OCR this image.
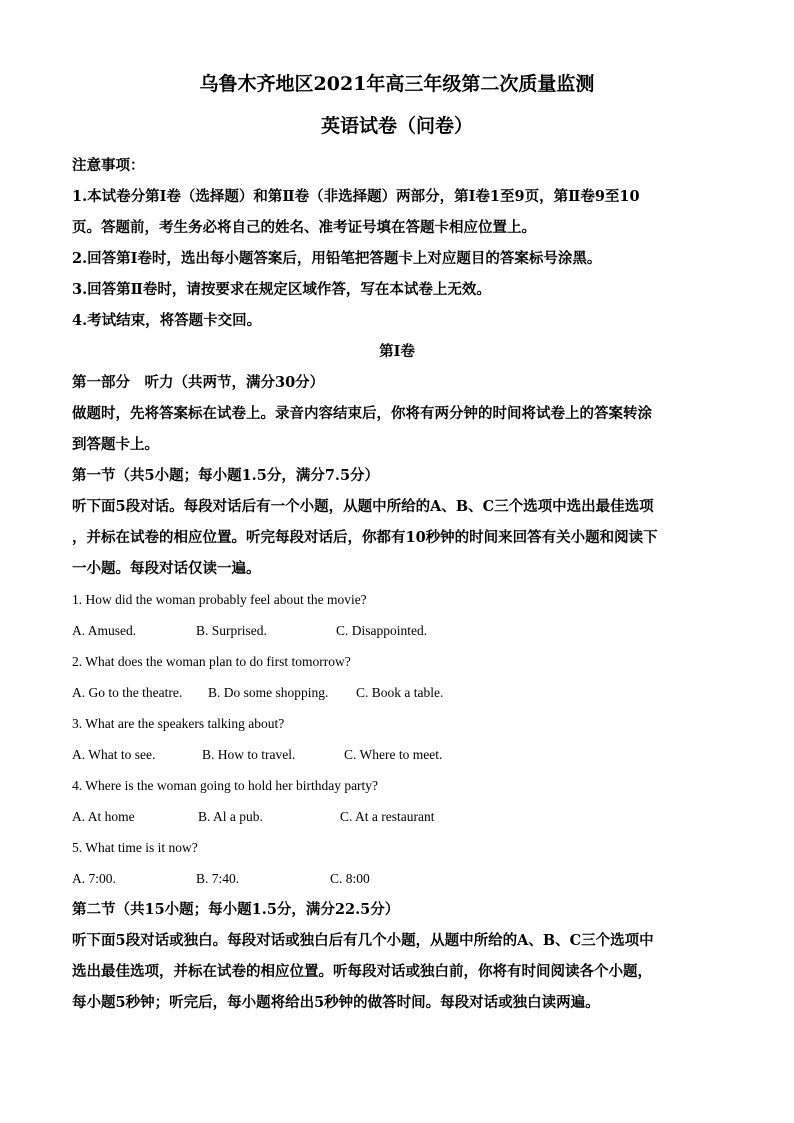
乌鲁木齐地区2021年高三年级第二次质量监测
英语试卷（问卷）
注意事项：
1.本试卷分第Ⅰ卷（选择题）和第Ⅱ卷（非选择题）两部分，第Ⅰ卷1至9页，第Ⅱ卷9至10
页。答题前，考生务必将自己的姓名、准考证号填在答题卡相应位置上。
2.回答第Ⅰ卷时，选出每小题答案后，用铅笔把答题卡上对应题目的答案标号涂黑。
3.回答第Ⅱ卷时，请按要求在规定区域作答，写在本试卷上无效。
4.考试结束，将答题卡交回。
第Ⅰ卷
第一部分　听力（共两节，满分30分）
做题时，先将答案标在试卷上。录音内容结束后，你将有两分钟的时间将试卷上的答案转涂
到答题卡上。
第一节（共5小题；每小题1.5分，满分7.5分）
听下面5段对话。每段对话后有一个小题，从题中所给的A、B、C三个选项中选出最佳选项
，并标在试卷的相应位置。听完每段对话后，你都有10秒钟的时间来回答有关小题和阅读下
一小题。每段对话仅读一遍。
1. How did the woman probably feel about the movie?
A. Amused.	B. Surprised.	C. Disappointed.
2. What does the woman plan to do first tomorrow?
A. Go to the theatre.	B. Do some shopping.	C. Book a table.
3. What are the speakers talking about?
A. What to see.	B. How to travel.	C. Where to meet.
4. Where is the woman going to hold her birthday party?
A. At home	B. Al a pub.	C. At a restaurant
5. What time is it now?
A. 7:00.	B. 7:40.	C. 8:00
第二节（共15小题；每小题1.5分，满分22.5分）
听下面5段对话或独白。每段对话或独白后有几个小题，从题中所给的A、B、C三个选项中
选出最佳选项，并标在试卷的相应位置。听每段对话或独白前，你将有时间阅读各个小题，
每小题5秒钟；听完后，每小题将给出5秒钟的做答时间。每段对话或独白读两遍。
